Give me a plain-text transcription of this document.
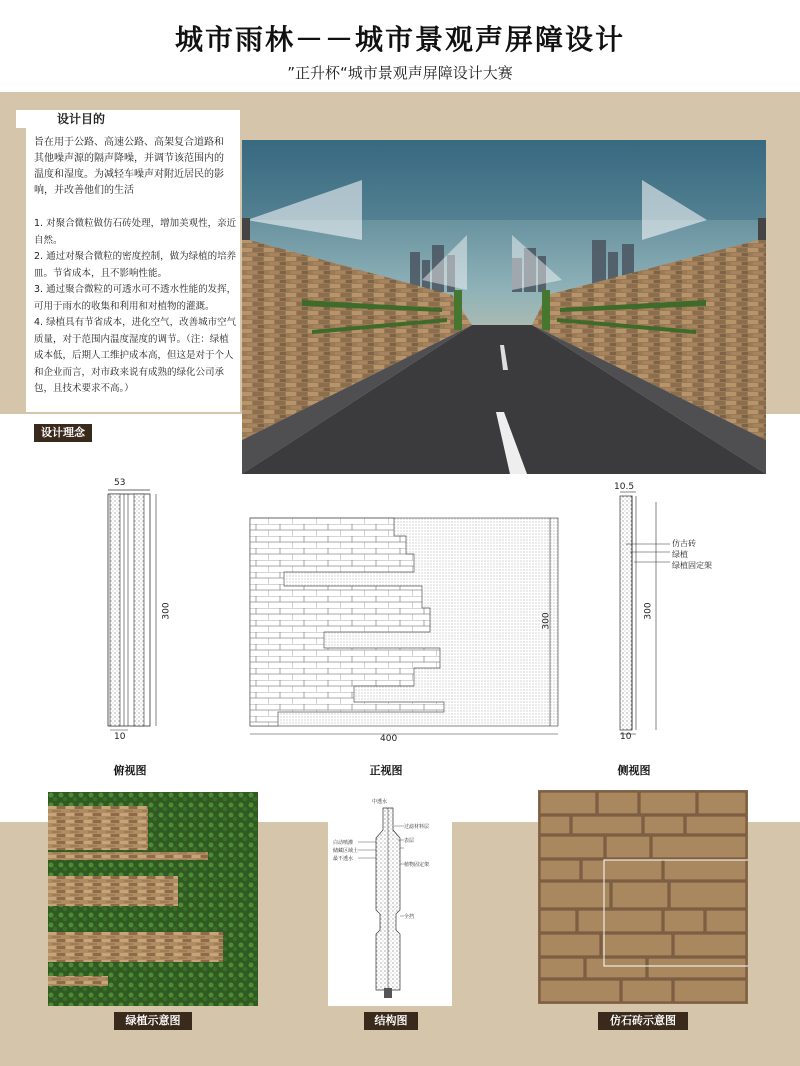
城市雨林－－城市景观声屏障设计
”正升杯“城市景观声屏障设计大赛
设计目的
旨在用于公路、高速公路、高架复合道路和其他噪声源的隔声降噪，并调节该范围内的温度和湿度。为减轻车噪声对附近居民的影响，并改善他们的生活
1. 对聚合微粒做仿石砖处理，增加美观性，亲近自然。
2. 通过对聚合微粒的密度控制，做为绿植的培养皿。节省成本，且不影响性能。
3. 通过聚合微粒的可透水可不透水性能的发挥，可用于雨水的收集和利用和对植物的灌溉。
4. 绿植具有节省成本，进化空气，改善城市空气质量，对于范围内温度湿度的调节。（注：绿植成本低，后期人工维护成本高，但这是对于个人和企业而言，对市政来说有成熟的绿化公司承包，且技术要求不高。）
设计理念
53
300
10
俯视图
300
400
正视图
10.5
300
10
仿古砖
绿植
绿植固定架
侧视图
绿植示意图
中透水
过滤材料层
表层
白动喷灌
储藏区域土
最不透水
植物固定架
全挡
结构图	仿石砖示意图
